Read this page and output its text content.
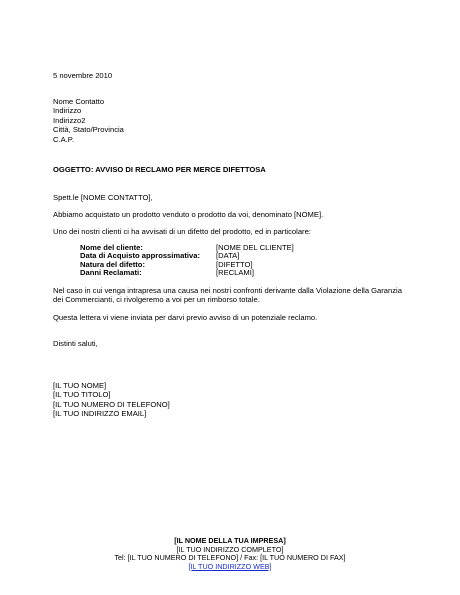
5 novembre 2010
Nome Contatto
Indirizzo
Indirizzo2
Città, Stato/Provincia
C.A.P.
OGGETTO: AVVISO DI RECLAMO PER MERCE DIFETTOSA
Spett.le [NOME CONTATTO],
Abbiamo acquistato un prodotto venduto o prodotto da voi, denominato [NOME].
Uno dei nostri clienti ci ha avvisati di un difetto del prodotto, ed in particolare:
Nome del cliente:	[NOME DEL CLIENTE]
Data di Acquisto approssimativa:	[DATA]
Natura del difetto:	[DIFETTO]
Danni Reclamati:	[RECLAMI]
Nel caso in cui venga intrapresa una causa nei nostri confronti derivante dalla Violazione della Garanzia
dei Commercianti, ci rivolgeremo a voi per un rimborso totale.
Questa lettera vi viene inviata per darvi previo avviso di un potenziale reclamo.
Distinti saluti,
[IL TUO NOME]
[IL TUO TITOLO]
[IL TUO NUMERO DI TELEFONO]
[IL TUO INDIRIZZO EMAIL]
[IL NOME DELLA TUA IMPRESA]
[IL TUO INDIRIZZO COMPLETO]
Tel: [IL TUO NUMERO DI TELEFONO] / Fax: [IL TUO NUMERO DI FAX]
[IL TUO INDIRIZZO WEB]
